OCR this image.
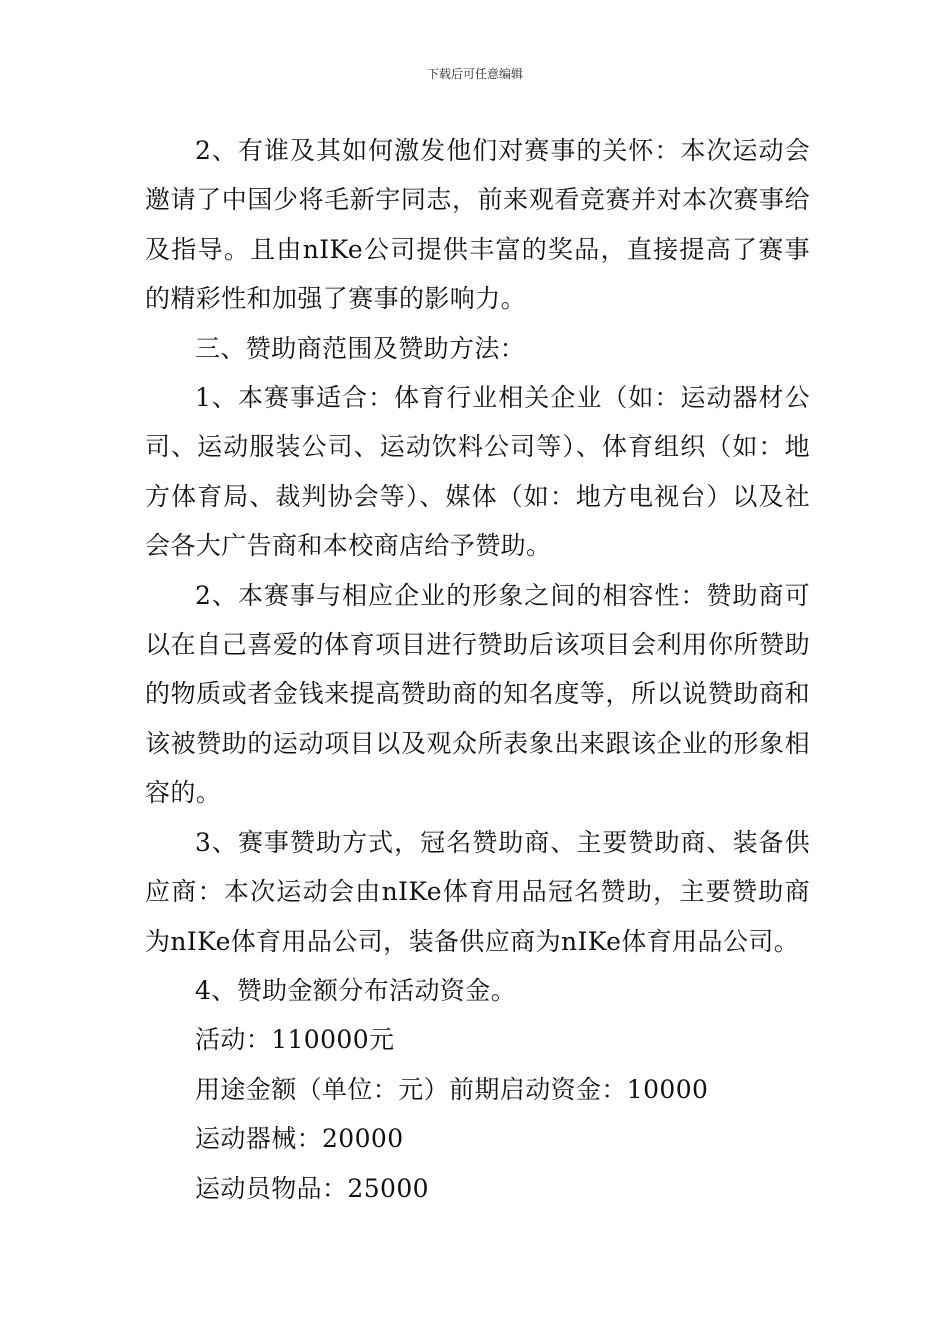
下载后可任意编辑

2、有谁及其如何激发他们对赛事的关怀：本次运动会邀请了中国少将毛新宇同志，前来观看竞赛并对本次赛事给及指导。且由nIKe公司提供丰富的奖品，直接提高了赛事的精彩性和加强了赛事的影响力。

三、赞助商范围及赞助方法：

1、本赛事适合：体育行业相关企业（如：运动器材公司、运动服装公司、运动饮料公司等）、体育组织（如：地方体育局、裁判协会等）、媒体（如：地方电视台）以及社会各大广告商和本校商店给予赞助。

2、本赛事与相应企业的形象之间的相容性：赞助商可以在自己喜爱的体育项目进行赞助后该项目会利用你所赞助的物质或者金钱来提高赞助商的知名度等，所以说赞助商和该被赞助的运动项目以及观众所表象出来跟该企业的形象相容的。

3、赛事赞助方式，冠名赞助商、主要赞助商、装备供应商：本次运动会由nIKe体育用品冠名赞助，主要赞助商为nIKe体育用品公司，装备供应商为nIKe体育用品公司。

4、赞助金额分布活动资金。

活动：110000元

用途金额（单位：元）前期启动资金：10000

运动器械：20000

运动员物品：25000
